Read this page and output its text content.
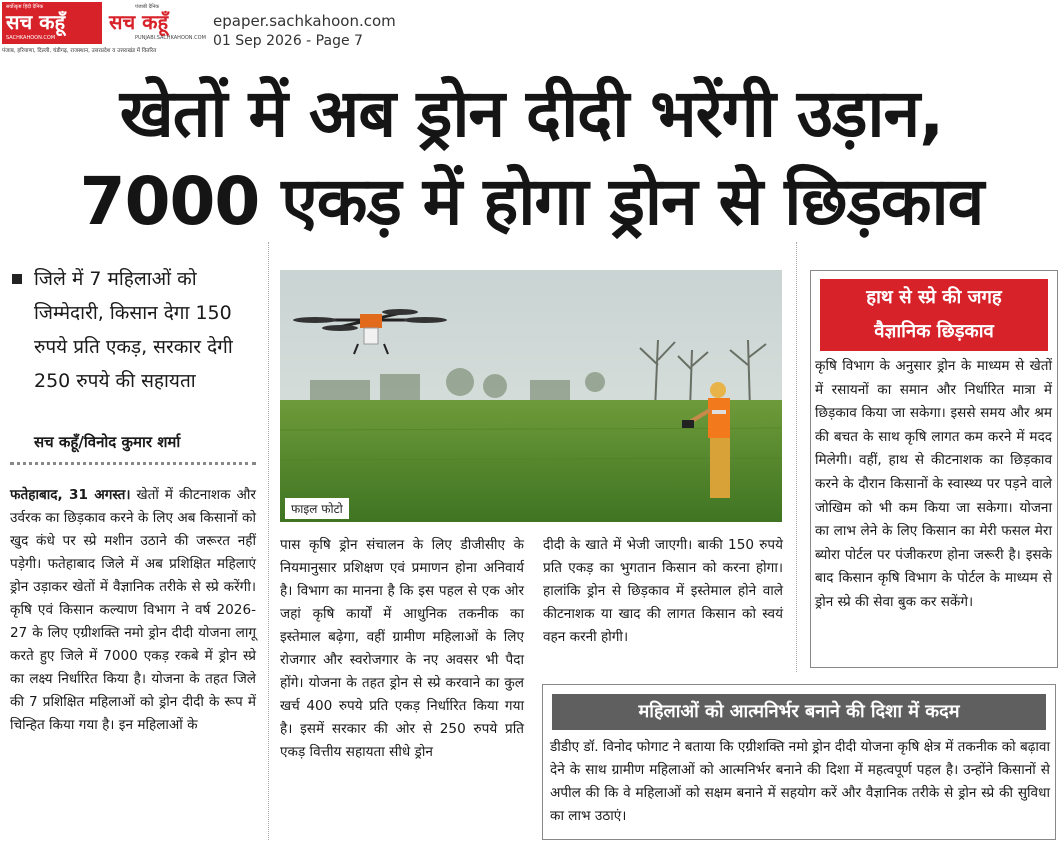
सर्वोत्कृष्ट हिंदी दैनिक
सच कहूँ
SACHKAHOON.COM
पंजाबी दैनिक
सच कहूँ
PUNJABI.SACHKAHOON.COM
पंजाब, हरियाणा, दिल्ली, चंडीगढ़, राजस्थान, उत्तरप्रदेश व उत्तराखंड में वितरित
epaper.sachkahoon.com
01 Sep 2026 - Page 7
खेतों में अब ड्रोन दीदी भरेंगी उड़ान,
7000 एकड़ में होगा ड्रोन से छिड़काव

जिले में 7 महिलाओं को जिम्मेदारी, किसान देगा 150 रुपये प्रति एकड़, सरकार देगी 250 रुपये की सहायता

सच कहूँ/विनोद कुमार शर्मा

फतेहाबाद, 31 अगस्त। खेतों में कीटनाशक और उर्वरक का छिड़काव करने के लिए अब किसानों को खुद कंधे पर स्प्रे मशीन उठाने की जरूरत नहीं पड़ेगी। फतेहाबाद जिले में अब प्रशिक्षित महिलाएं ड्रोन उड़ाकर खेतों में वैज्ञानिक तरीके से स्प्रे करेंगी। कृषि एवं किसान कल्याण विभाग ने वर्ष 2026-27 के लिए एग्रीशक्ति नमो ड्रोन दीदी योजना लागू करते हुए जिले में 7000 एकड़ रकबे में ड्रोन स्प्रे का लक्ष्य निर्धारित किया है। योजना के तहत जिले की 7 प्रशिक्षित महिलाओं को ड्रोन दीदी के रूप में चिन्हित किया गया है। इन महिलाओं के

फाइल फोटो

पास कृषि ड्रोन संचालन के लिए डीजीसीए के नियमानुसार प्रशिक्षण एवं प्रमाणन होना अनिवार्य है। विभाग का मानना है कि इस पहल से एक ओर जहां कृषि कार्यों में आधुनिक तकनीक का इस्तेमाल बढ़ेगा, वहीं ग्रामीण महिलाओं के लिए रोजगार और स्वरोजगार के नए अवसर भी पैदा होंगे। योजना के तहत ड्रोन से स्प्रे करवाने का कुल खर्च 400 रुपये प्रति एकड़ निर्धारित किया गया है। इसमें सरकार की ओर से 250 रुपये प्रति एकड़ वित्तीय सहायता सीधे ड्रोन

दीदी के खाते में भेजी जाएगी। बाकी 150 रुपये प्रति एकड़ का भुगतान किसान को करना होगा। हालांकि ड्रोन से छिड़काव में इस्तेमाल होने वाले कीटनाशक या खाद की लागत किसान को स्वयं वहन करनी होगी।

हाथ से स्प्रे की जगह
वैज्ञानिक छिड़काव

कृषि विभाग के अनुसार ड्रोन के माध्यम से खेतों में रसायनों का समान और निर्धारित मात्रा में छिड़काव किया जा सकेगा। इससे समय और श्रम की बचत के साथ कृषि लागत कम करने में मदद मिलेगी। वहीं, हाथ से कीटनाशक का छिड़काव करने के दौरान किसानों के स्वास्थ्य पर पड़ने वाले जोखिम को भी कम किया जा सकेगा। योजना का लाभ लेने के लिए किसान का मेरी फसल मेरा ब्योरा पोर्टल पर पंजीकरण होना जरूरी है। इसके बाद किसान कृषि विभाग के पोर्टल के माध्यम से ड्रोन स्प्रे की सेवा बुक कर सकेंगे।

महिलाओं को आत्मनिर्भर बनाने की दिशा में कदम

डीडीए डॉ. विनोद फोगाट ने बताया कि एग्रीशक्ति नमो ड्रोन दीदी योजना कृषि क्षेत्र में तकनीक को बढ़ावा देने के साथ ग्रामीण महिलाओं को आत्मनिर्भर बनाने की दिशा में महत्वपूर्ण पहल है। उन्होंने किसानों से अपील की कि वे महिलाओं को सक्षम बनाने में सहयोग करें और वैज्ञानिक तरीके से ड्रोन स्प्रे की सुविधा का लाभ उठाएं।
